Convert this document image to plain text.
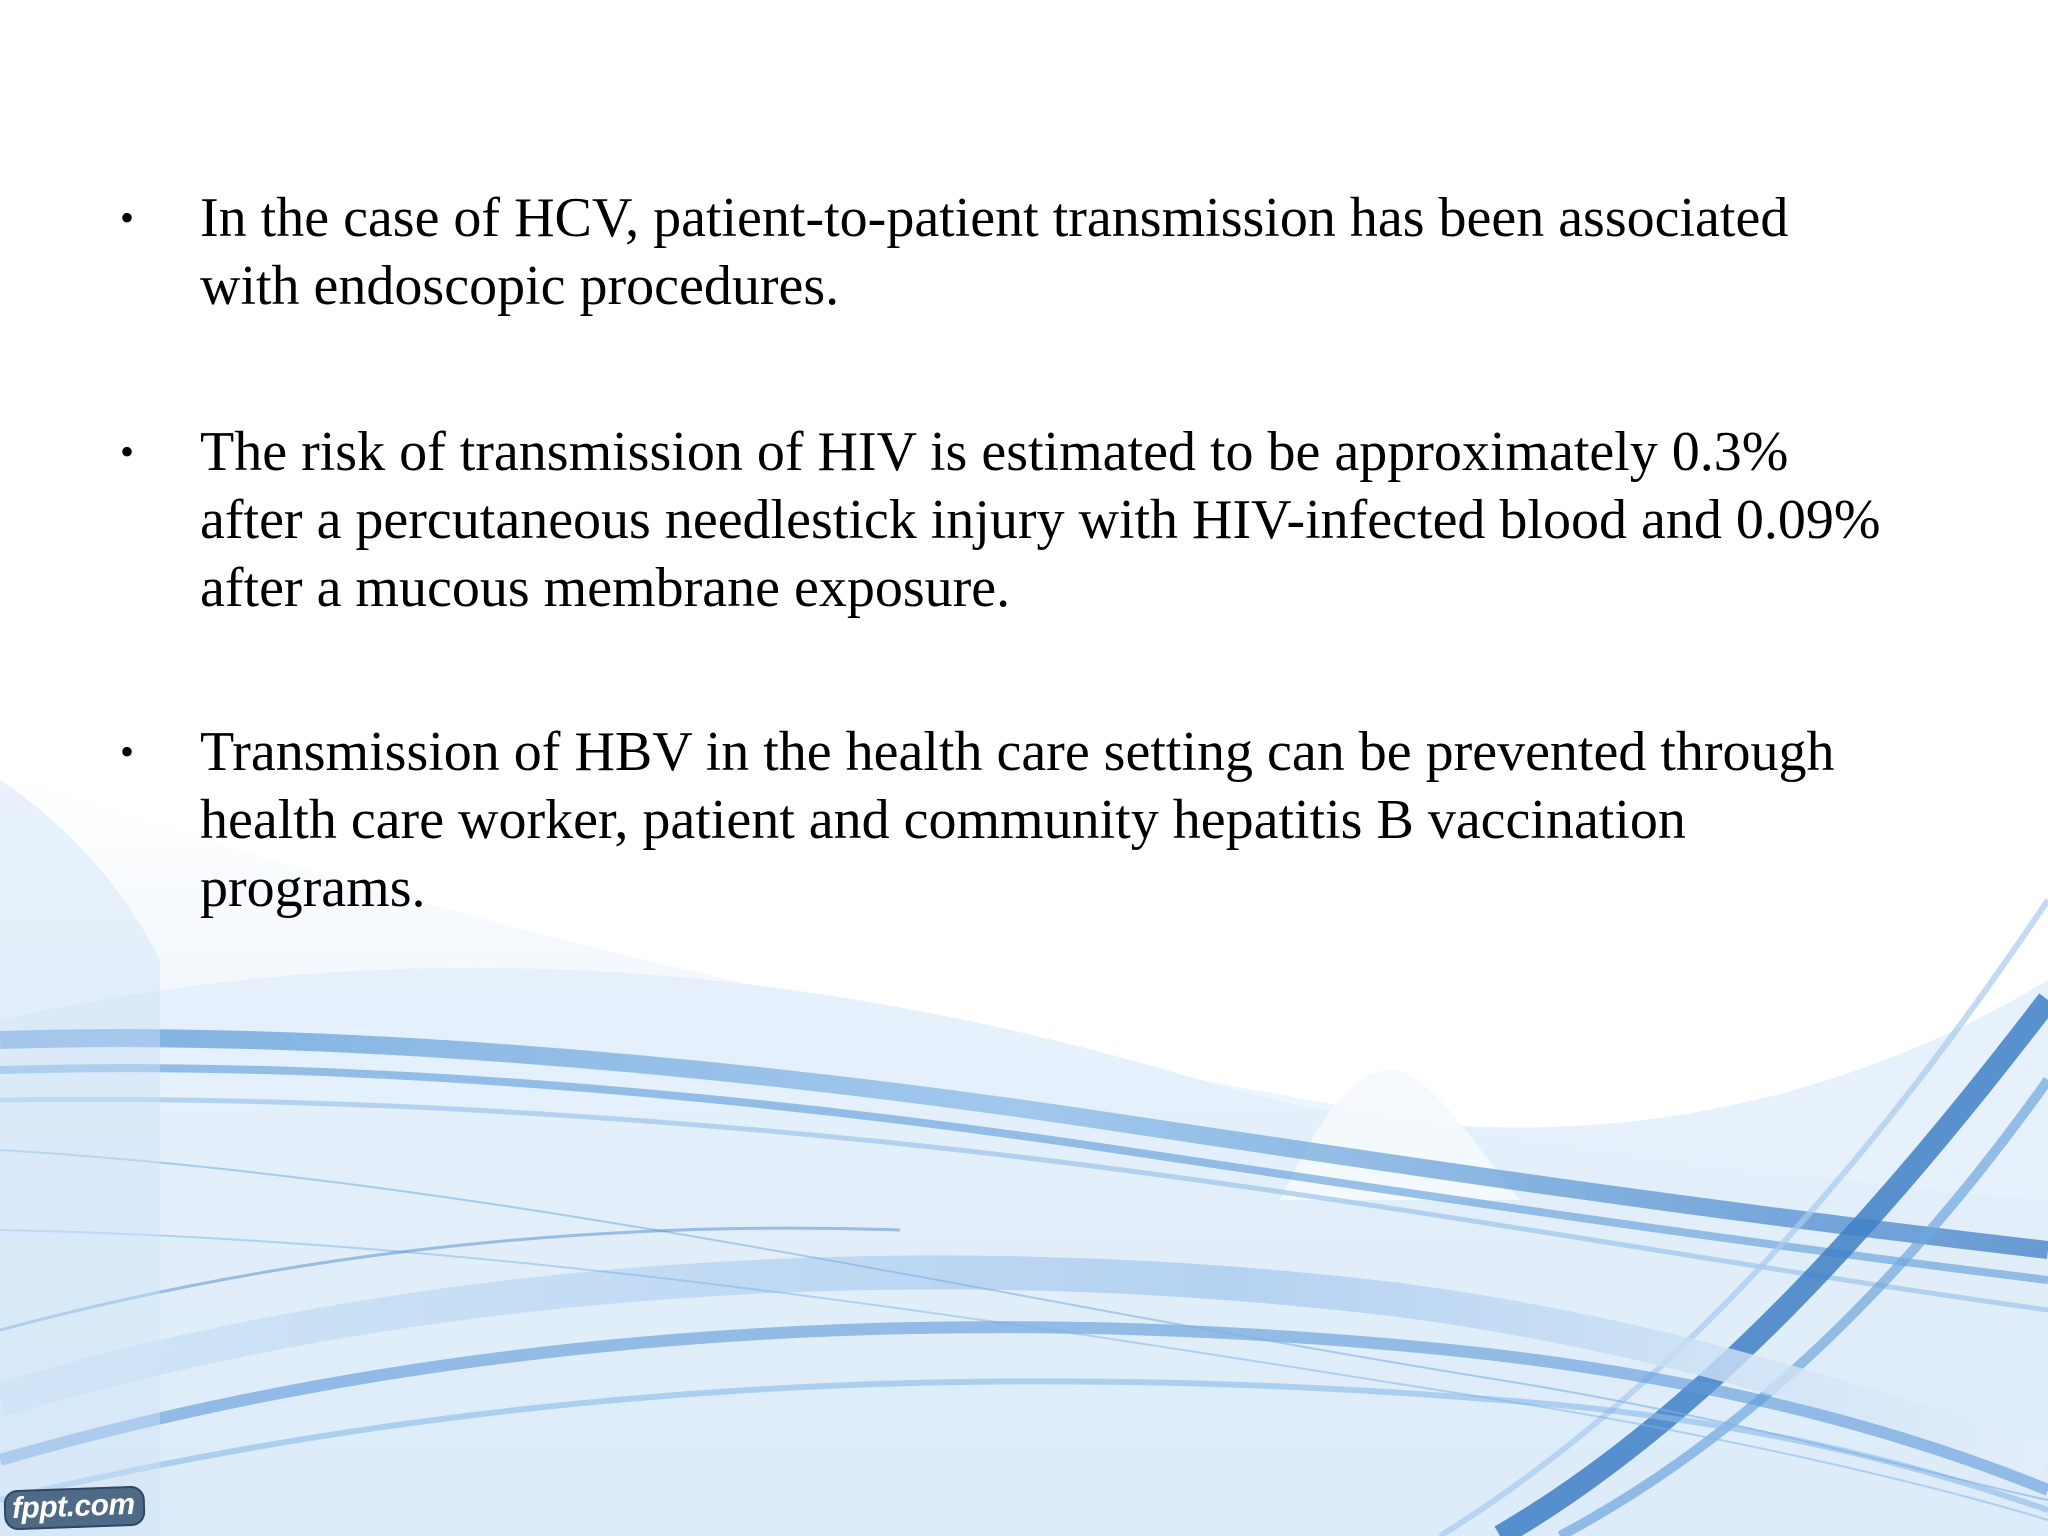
•	In the case of HCV, patient-to-patient transmission has been associated
with endoscopic procedures.

•	The risk of transmission of HIV is estimated to be approximately 0.3%
after a percutaneous needlestick injury with HIV-infected blood and 0.09%
after a mucous membrane exposure.

•	Transmission of HBV in the health care setting can be prevented through
health care worker, patient and community hepatitis B vaccination
programs.

fppt.com
